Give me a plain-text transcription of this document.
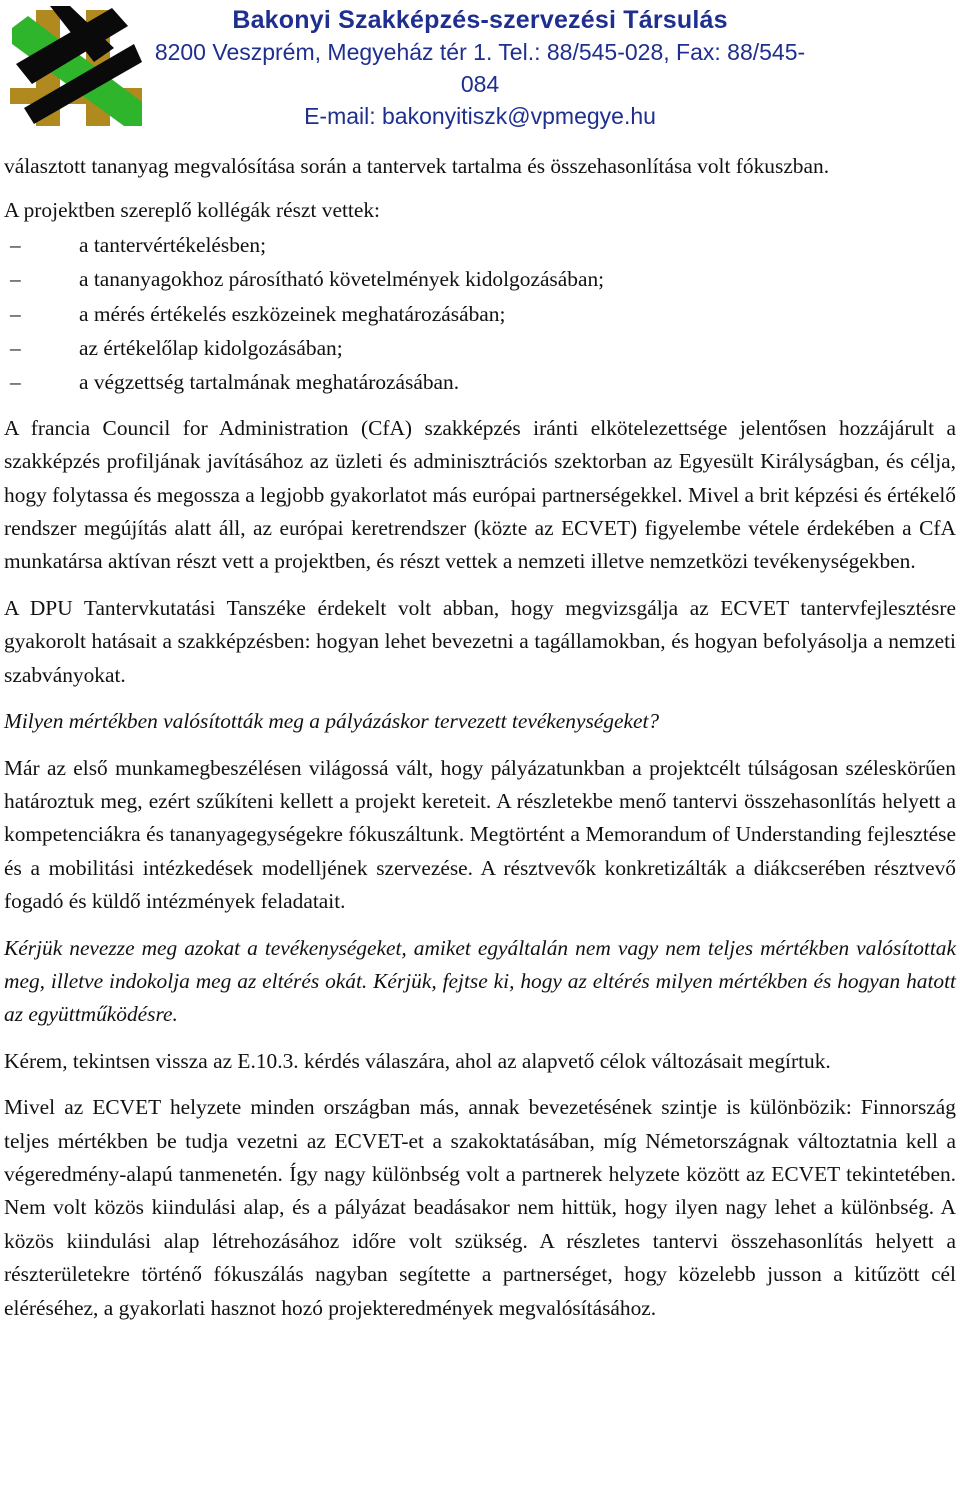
Bakonyi Szakképzés-szervezési Társulás
8200 Veszprém, Megyeház tér 1. Tel.: 88/545-028, Fax: 88/545-084
E-mail: bakonyitiszk@vpmegye.hu

választott tananyag megvalósítása során a tantervek tartalma és összehasonlítása volt fókuszban.

A projektben szereplő kollégák részt vettek:

–	a tantervértékelésben;
–	a tananyagokhoz párosítható követelmények kidolgozásában;
–	a mérés értékelés eszközeinek meghatározásában;
–	az értékelőlap kidolgozásában;
–	a végzettség tartalmának meghatározásában.

A francia Council for Administration (CfA) szakképzés iránti elkötelezettsége jelentősen hozzájárult a szakképzés profiljának javításához az üzleti és adminisztrációs szektorban az Egyesült Királyságban, és célja, hogy folytassa és megossza a legjobb gyakorlatot más európai partnerségekkel. Mivel a brit képzési és értékelő rendszer megújítás alatt áll, az európai keretrendszer (közte az ECVET) figyelembe vétele érdekében a CfA munkatársa aktívan részt vett a projektben, és részt vettek a nemzeti illetve nemzetközi tevékenységekben.

A DPU Tantervkutatási Tanszéke érdekelt volt abban, hogy megvizsgálja az ECVET tantervfejlesztésre gyakorolt hatásait a szakképzésben: hogyan lehet bevezetni a tagállamokban, és hogyan befolyásolja a nemzeti szabványokat.

Milyen mértékben valósították meg a pályázáskor tervezett tevékenységeket?

Már az első munkamegbeszélésen világossá vált, hogy pályázatunkban a projektcélt túlságosan széleskörűen határoztuk meg, ezért szűkíteni kellett a projekt kereteit. A részletekbe menő tantervi összehasonlítás helyett a kompetenciákra és tananyagegységekre fókuszáltunk. Megtörtént a Memorandum of Understanding fejlesztése és a mobilitási intézkedések modelljének szervezése. A résztvevők konkretizálták a diákcserében résztvevő fogadó és küldő intézmények feladatait.

Kérjük nevezze meg azokat a tevékenységeket, amiket egyáltalán nem vagy nem teljes mértékben valósítottak meg, illetve indokolja meg az eltérés okát. Kérjük, fejtse ki, hogy az eltérés milyen mértékben és hogyan hatott az együttműködésre.

Kérem, tekintsen vissza az E.10.3. kérdés válaszára, ahol az alapvető célok változásait megírtuk.

Mivel az ECVET helyzete minden országban más, annak bevezetésének szintje is különbözik: Finnország teljes mértékben be tudja vezetni az ECVET-et a szakoktatásában, míg Németországnak változtatnia kell a végeredmény-alapú tanmenetén. Így nagy különbség volt a partnerek helyzete között az ECVET tekintetében. Nem volt közös kiindulási alap, és a pályázat beadásakor nem hittük, hogy ilyen nagy lehet a különbség. A közös kiindulási alap létrehozásához időre volt szükség. A részletes tantervi összehasonlítás helyett a részterületekre történő fókuszálás nagyban segítette a partnerséget, hogy közelebb jusson a kitűzött cél eléréséhez, a gyakorlati hasznot hozó projekteredmények megvalósításához.
